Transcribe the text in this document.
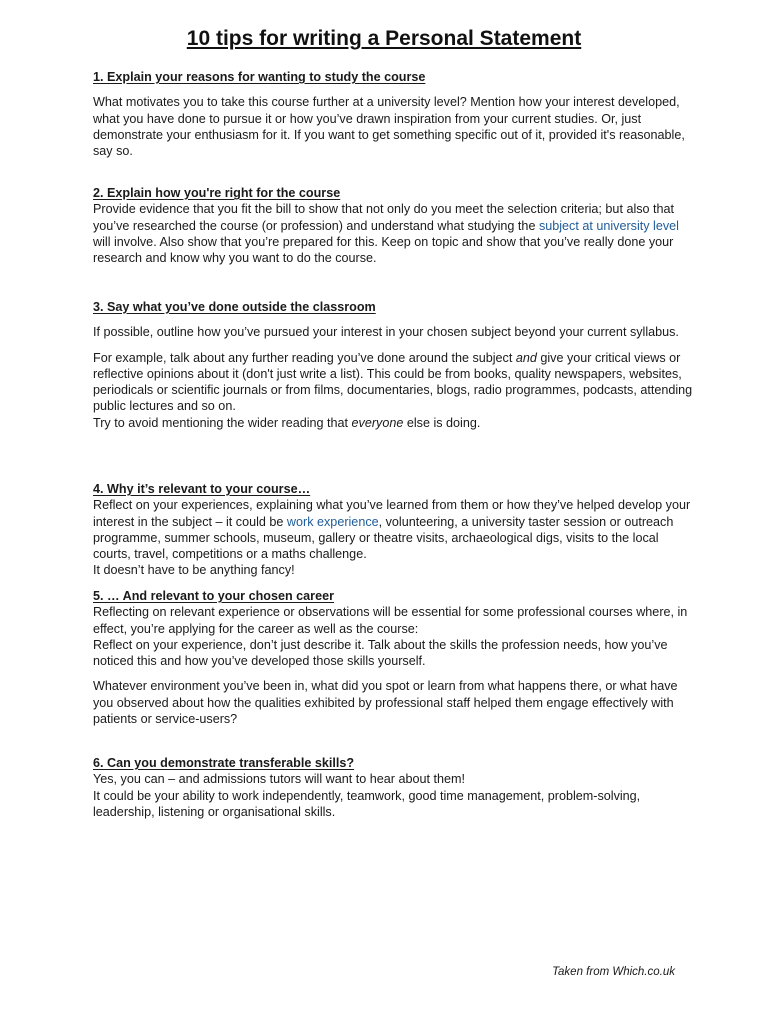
10 tips for writing a Personal Statement

1. Explain your reasons for wanting to study the course

What motivates you to take this course further at a university level? Mention how your interest developed, what you have done to pursue it or how you’ve drawn inspiration from your current studies. Or, just demonstrate your enthusiasm for it. If you want to get something specific out of it, provided it's reasonable, say so.

2. Explain how you're right for the course

Provide evidence that you fit the bill to show that not only do you meet the selection criteria; but also that you’ve researched the course (or profession) and understand what studying the subject at university level will involve. Also show that you’re prepared for this. Keep on topic and show that you’ve really done your research and know why you want to do the course.

3. Say what you’ve done outside the classroom

If possible, outline how you’ve pursued your interest in your chosen subject beyond your current syllabus.

For example, talk about any further reading you’ve done around the subject and give your critical views or reflective opinions about it (don't just write a list). This could be from books, quality newspapers, websites, periodicals or scientific journals or from films, documentaries, blogs, radio programmes, podcasts, attending public lectures and so on.

Try to avoid mentioning the wider reading that everyone else is doing.

4. Why it’s relevant to your course…

Reflect on your experiences, explaining what you’ve learned from them or how they’ve helped develop your interest in the subject – it could be work experience, volunteering, a university taster session or outreach programme, summer schools, museum, gallery or theatre visits, archaeological digs, visits to the local courts, travel, competitions or a maths challenge.

It doesn’t have to be anything fancy!

5. … And relevant to your chosen career

Reflecting on relevant experience or observations will be essential for some professional courses where, in effect, you’re applying for the career as well as the course:

Reflect on your experience, don’t just describe it. Talk about the skills the profession needs, how you’ve noticed this and how you’ve developed those skills yourself.

Whatever environment you’ve been in, what did you spot or learn from what happens there, or what have you observed about how the qualities exhibited by professional staff helped them engage effectively with patients or service-users?

6. Can you demonstrate transferable skills?

Yes, you can – and admissions tutors will want to hear about them!

It could be your ability to work independently, teamwork, good time management, problem-solving, leadership, listening or organisational skills.

Taken from Which.co.uk
